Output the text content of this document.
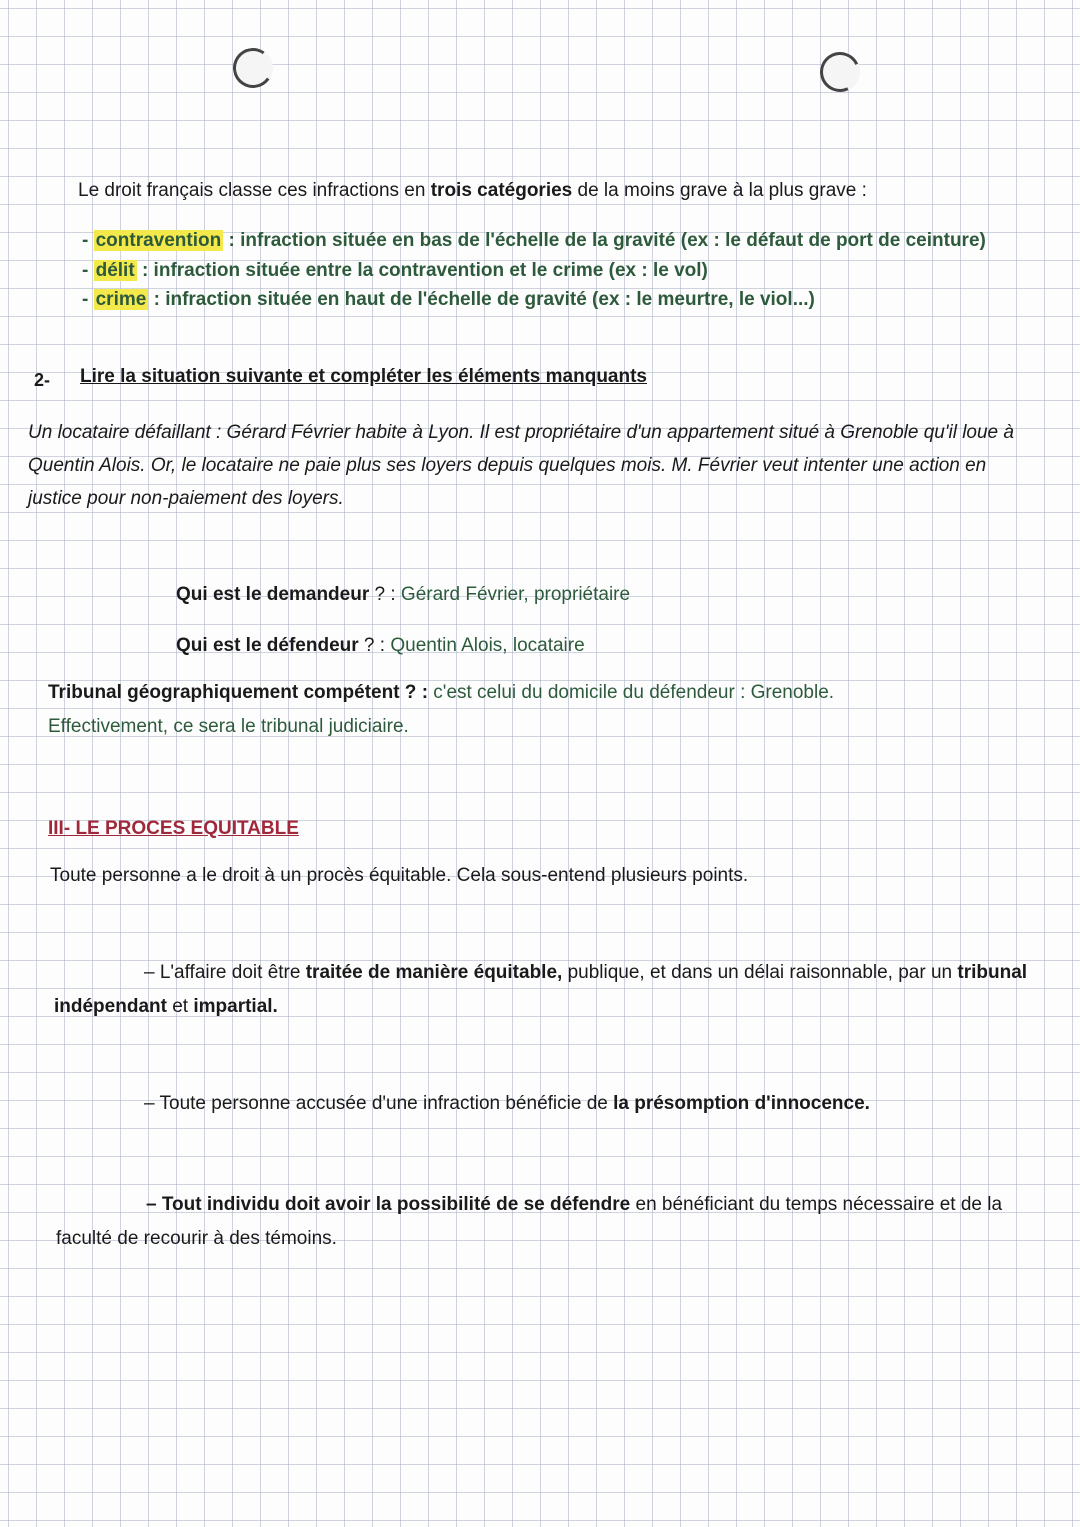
Le droit français classe ces infractions en trois catégories de la moins grave à la plus grave :
- contravention : infraction située en bas de l'échelle de la gravité (ex : le défaut de port de ceinture)
- délit : infraction située entre la contravention et le crime (ex : le vol)
- crime : infraction située en haut de l'échelle de gravité (ex : le meurtre, le viol...)
2- Lire la situation suivante et compléter les éléments manquants
Un locataire défaillant : Gérard Février habite à Lyon. Il est propriétaire d'un appartement situé à Grenoble qu'il loue à Quentin Alois. Or, le locataire ne paie plus ses loyers depuis quelques mois. M. Février veut intenter une action en justice pour non-paiement des loyers.
Qui est le demandeur ? : Gérard Février, propriétaire
Qui est le défendeur ? : Quentin Alois, locataire
Tribunal géographiquement compétent ? : c'est celui du domicile du défendeur : Grenoble.
Effectivement, ce sera le tribunal judiciaire.
III- LE PROCES EQUITABLE
Toute personne a le droit à un procès équitable. Cela sous-entend plusieurs points.
– L'affaire doit être traitée de manière équitable, publique, et dans un délai raisonnable, par un tribunal indépendant et impartial.
– Toute personne accusée d'une infraction bénéficie de la présomption d'innocence.
– Tout individu doit avoir la possibilité de se défendre en bénéficiant du temps nécessaire et de la faculté de recourir à des témoins.
